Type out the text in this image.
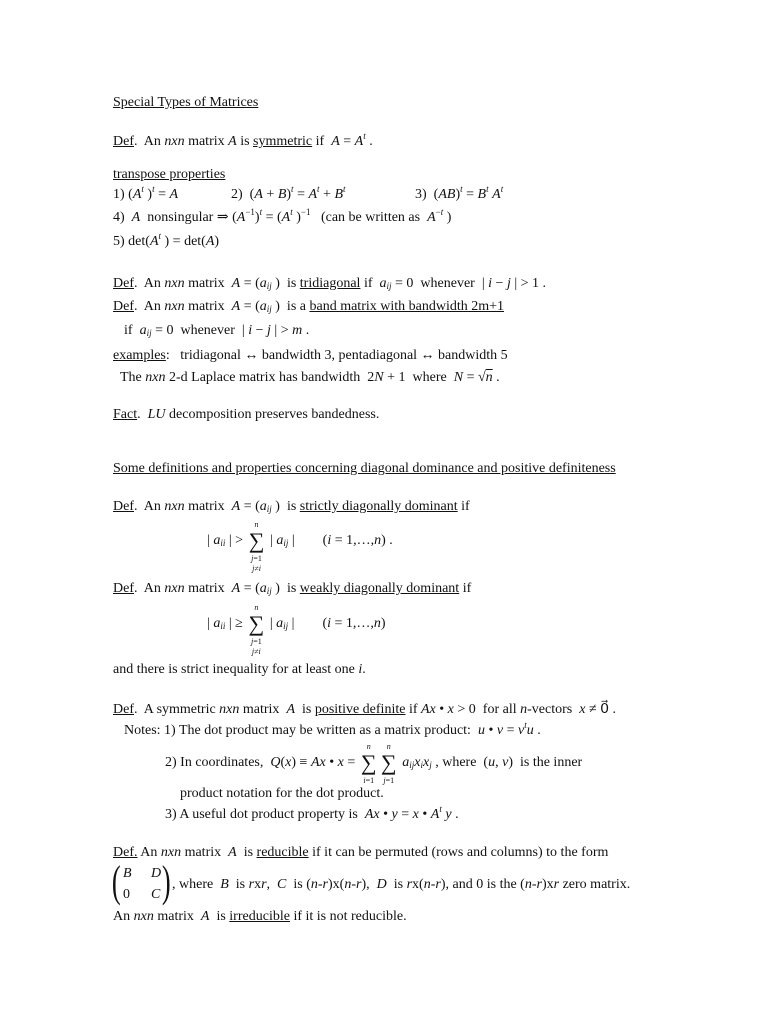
Special Types of Matrices
Def.  An nxn matrix A is symmetric if  $A = A^t$ .
transpose properties
1) ($A^t$ )$^t$ = A	2)  $(A + B)^t = A^t + B^t$	3)  $(AB)^t = B^t$ $A^t$
4) A nonsingular ⇒ $(A^{-1})^t = (A^t$ )$^{-1}$ (can be written as $A^{-t}$ )
5) $\det(A^t$ ) = det(A)
Def.  An nxn matrix $A = (a_{ij}$ )  is tridiagonal if  $a_{ij} = 0$  whenever  | i − j | > 1 .
Def.  An nxn matrix $A = (a_{ij}$ )  is a band matrix with bandwidth 2m+1
if  $a_{ij} = 0$  whenever  | i − j | > m .
examples:   tridiagonal ↔ bandwidth 3, pentadiagonal ↔ bandwidth 5
The nxn 2-d Laplace matrix has bandwidth  2N + 1  where N = √n .
Fact.  LU decomposition preserves bandedness.
Some definitions and properties concerning diagonal dominance and positive definiteness
Def.  An nxn matrix $A = (a_{ij}$ )  is strictly diagonally dominant if
| $a_{ii}$ | >
n
∑
j=1
j≠i
| $a_{ij}$ |        (i = 1,…,n) .
Def.  An nxn matrix $A = (a_{ij}$ )  is weakly diagonally dominant if
| $a_{ii}$ | ≥
n
∑
j=1
j≠i
| $a_{ij}$ |        (i = 1,…,n)
and there is strict inequality for at least one i.
Def.  A symmetric nxn matrix A is positive definite if Ax • x > 0  for all n-vectors x ≠ 0⃗ .
Notes: 1) The dot product may be written as a matrix product: u • $v = v^tu$ .
2) In coordinates, Q(x) ≡ Ax • x =
n
∑
i=1
n
∑
j=1
$a_{ij}x_ix_j$ , where  (u, v)  is the inner
product notation for the dot product.
3) A useful dot product property is Ax • y = x • $A^t$ y .
Def. An nxn matrix A is reducible if it can be permuted (rows and columns) to the form
( B D
0 C ) , where B is rxr,  C is (n-r)x(n-r),  D is rx(n-r), and 0 is the (n-r)xr zero matrix.
An nxn matrix A is irreducible if it is not reducible.
